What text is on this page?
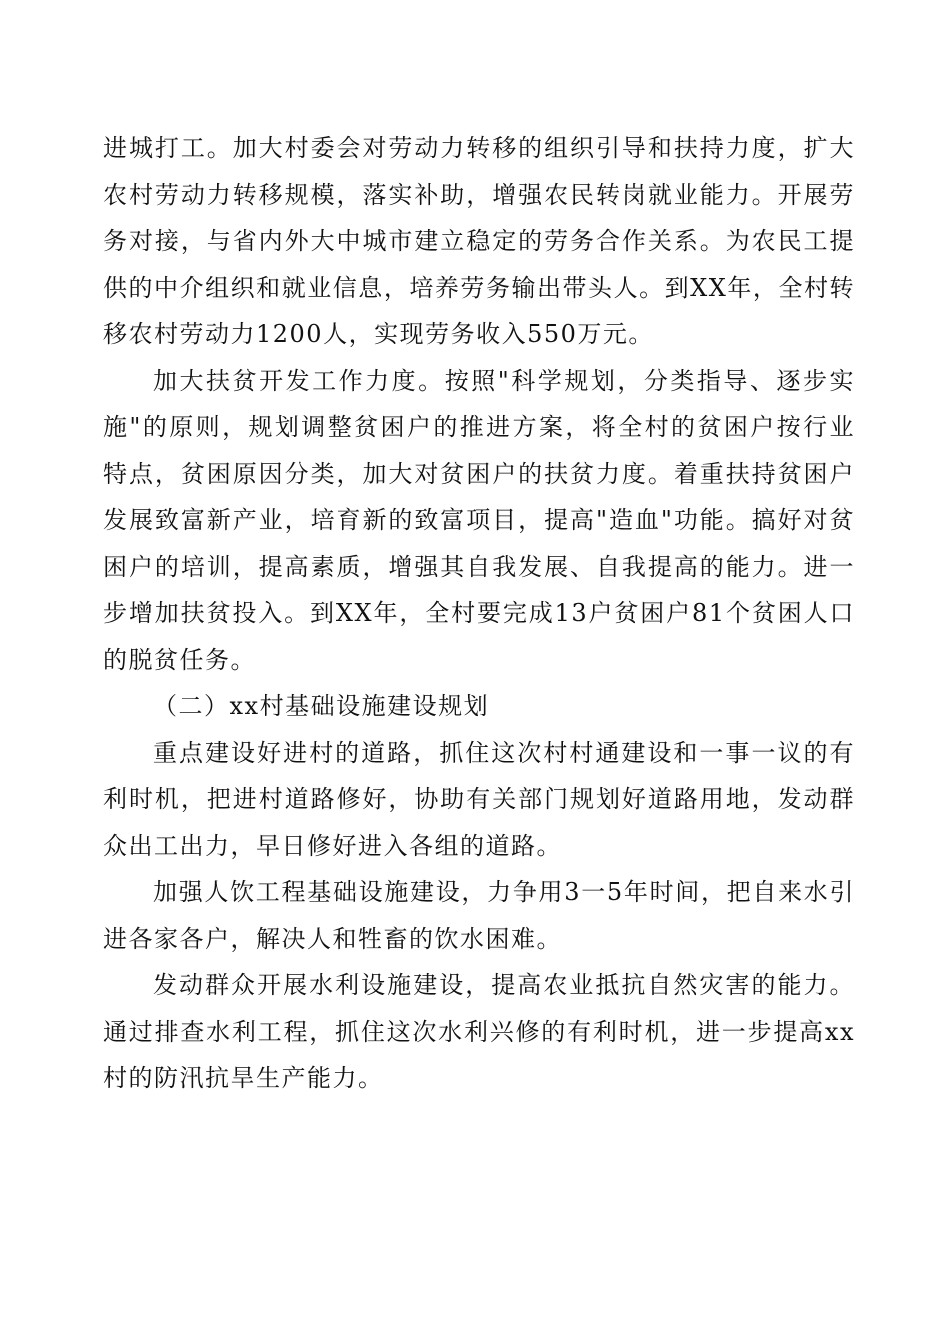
进城打工。加大村委会对劳动力转移的组织引导和扶持力度，扩大农村劳动力转移规模，落实补助，增强农民转岗就业能力。开展劳务对接，与省内外大中城市建立稳定的劳务合作关系。为农民工提供的中介组织和就业信息，培养劳务输出带头人。到XX年，全村转移农村劳动力1200人，实现劳务收入550万元。

加大扶贫开发工作力度。按照"科学规划，分类指导、逐步实施"的原则，规划调整贫困户的推进方案，将全村的贫困户按行业特点，贫困原因分类，加大对贫困户的扶贫力度。着重扶持贫困户发展致富新产业，培育新的致富项目，提高"造血"功能。搞好对贫困户的培训，提高素质，增强其自我发展、自我提高的能力。进一步增加扶贫投入。到XX年，全村要完成13户贫困户81个贫困人口的脱贫任务。

（二）xx村基础设施建设规划

重点建设好进村的道路，抓住这次村村通建设和一事一议的有利时机，把进村道路修好，协助有关部门规划好道路用地，发动群众出工出力，早日修好进入各组的道路。

加强人饮工程基础设施建设，力争用3一5年时间，把自来水引进各家各户，解决人和牲畜的饮水困难。

发动群众开展水利设施建设，提高农业抵抗自然灾害的能力。通过排查水利工程，抓住这次水利兴修的有利时机，进一步提高xx村的防汛抗旱生产能力。
